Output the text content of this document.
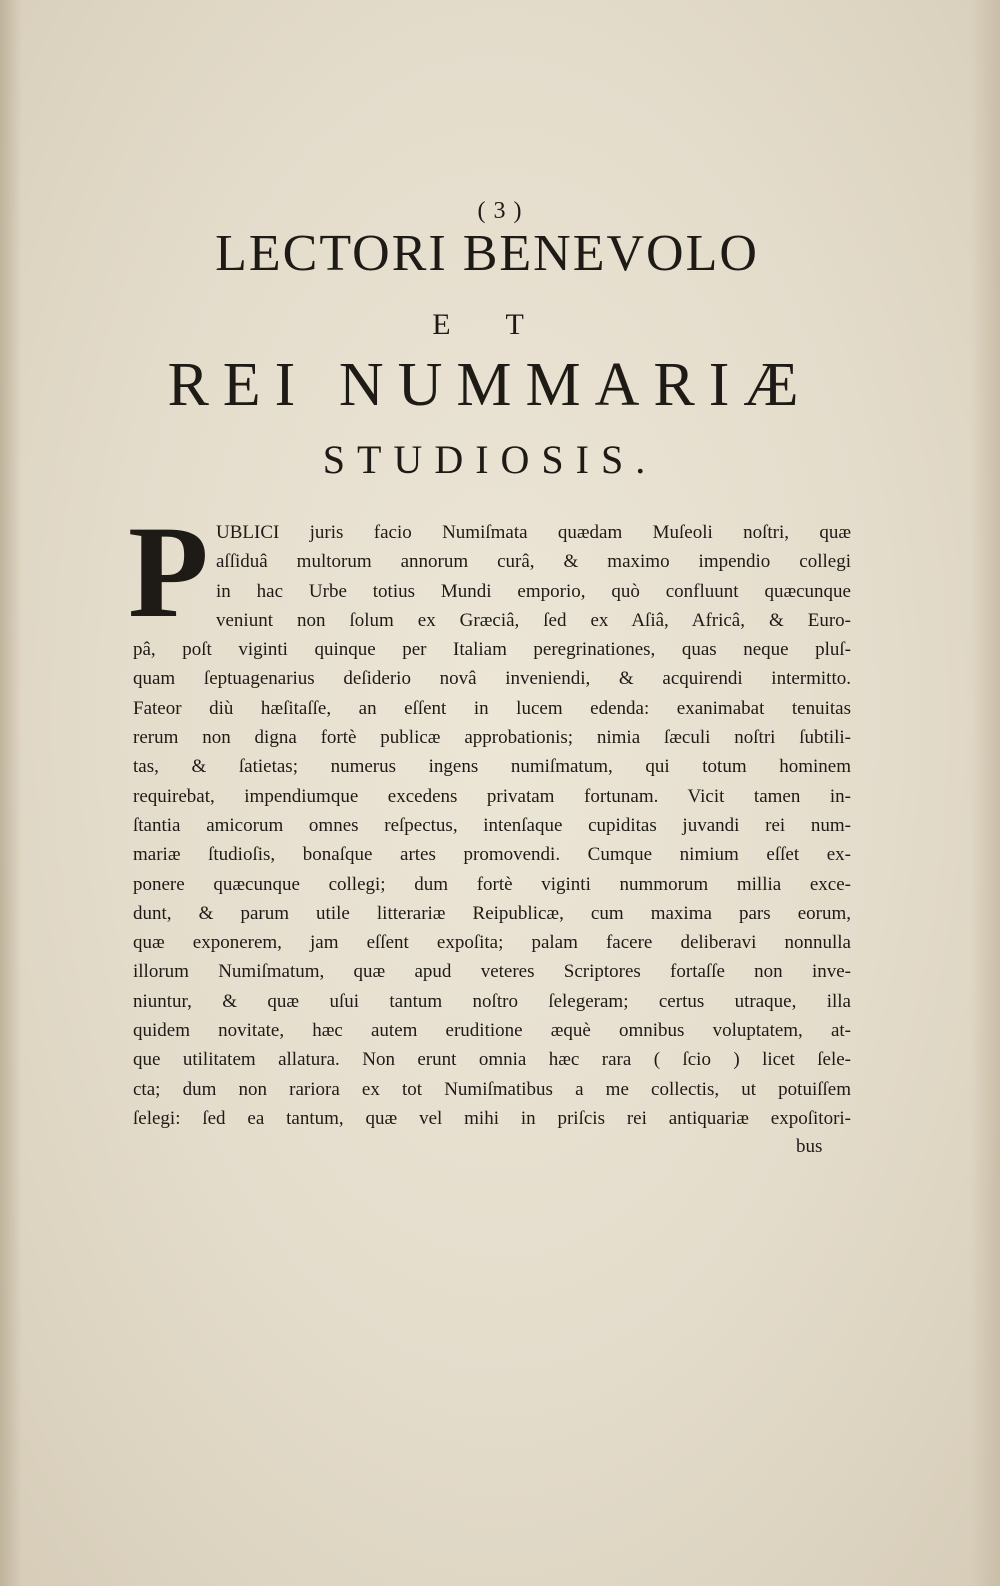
( 3 )
LECTORI BENEVOLO
E T
REI NUMMARIÆ
STUDIOSIS.
P UBLICI juris facio Numiſmata quædam Muſeoli noſtri, quæ
aſſiduâ multorum annorum curâ, & maximo impendio collegi
in hac Urbe totius Mundi emporio, quò confluunt quæcunque
veniunt non ſolum ex Græciâ, ſed ex Aſiâ, Africâ, & Euro-
pâ, poſt viginti quinque per Italiam peregrinationes, quas neque pluſ-
quam ſeptuagenarius deſiderio novâ inveniendi, & acquirendi intermitto.
Fateor diù hæſitaſſe, an eſſent in lucem edenda: exanimabat tenuitas
rerum non digna fortè publicæ approbationis; nimia ſæculi noſtri ſubtili-
tas, & ſatietas; numerus ingens numiſmatum, qui totum hominem
requirebat, impendiumque excedens privatam fortunam. Vicit tamen in-
ſtantia amicorum omnes reſpectus, intenſaque cupiditas juvandi rei num-
mariæ ſtudioſis, bonaſque artes promovendi. Cumque nimium eſſet ex-
ponere quæcunque collegi; dum fortè viginti nummorum millia exce-
dunt, & parum utile litterariæ Reipublicæ, cum maxima pars eorum,
quæ exponerem, jam eſſent expoſita; palam facere deliberavi nonnulla
illorum Numiſmatum, quæ apud veteres Scriptores fortaſſe non inve-
niuntur, & quæ uſui tantum noſtro ſelegeram; certus utraque, illa
quidem novitate, hæc autem eruditione æquè omnibus voluptatem, at-
que utilitatem allatura. Non erunt omnia hæc rara ( ſcio ) licet ſele-
cta; dum non rariora ex tot Numiſmatibus a me collectis, ut potuiſſem
ſelegi: ſed ea tantum, quæ vel mihi in priſcis rei antiquariæ expoſitori-
bus
